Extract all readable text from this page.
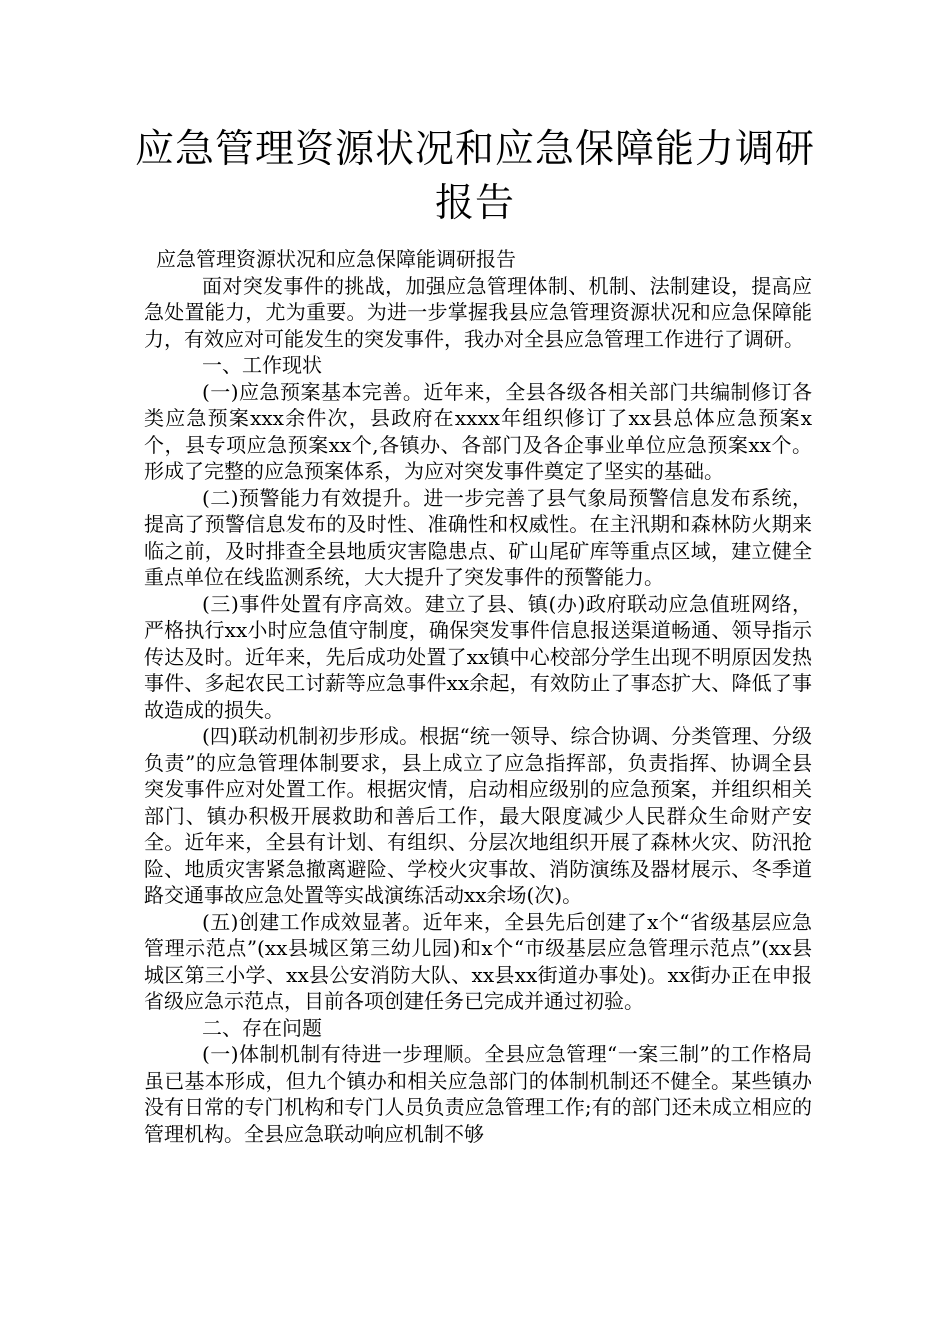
应急管理资源状况和应急保障能力调研报告

应急管理资源状况和应急保障能调研报告

面对突发事件的挑战，加强应急管理体制、机制、法制建设，提高应急处置能力，尤为重要。为进一步掌握我县应急管理资源状况和应急保障能力，有效应对可能发生的突发事件，我办对全县应急管理工作进行了调研。

一、工作现状

(一)应急预案基本完善。近年来，全县各级各相关部门共编制修订各类应急预案xxx余件次，县政府在xxxx年组织修订了xx县总体应急预案x个，县专项应急预案xx个,各镇办、各部门及各企事业单位应急预案xx个。形成了完整的应急预案体系，为应对突发事件奠定了坚实的基础。

(二)预警能力有效提升。进一步完善了县气象局预警信息发布系统，提高了预警信息发布的及时性、准确性和权威性。在主汛期和森林防火期来临之前，及时排查全县地质灾害隐患点、矿山尾矿库等重点区域，建立健全重点单位在线监测系统，大大提升了突发事件的预警能力。

(三)事件处置有序高效。建立了县、镇(办)政府联动应急值班网络，严格执行xx小时应急值守制度，确保突发事件信息报送渠道畅通、领导指示传达及时。近年来，先后成功处置了xx镇中心校部分学生出现不明原因发热事件、多起农民工讨薪等应急事件xx余起，有效防止了事态扩大、降低了事故造成的损失。

(四)联动机制初步形成。根据“统一领导、综合协调、分类管理、分级负责”的应急管理体制要求，县上成立了应急指挥部，负责指挥、协调全县突发事件应对处置工作。根据灾情，启动相应级别的应急预案，并组织相关部门、镇办积极开展救助和善后工作，最大限度减少人民群众生命财产安全。近年来，全县有计划、有组织、分层次地组织开展了森林火灾、防汛抢险、地质灾害紧急撤离避险、学校火灾事故、消防演练及器材展示、冬季道路交通事故应急处置等实战演练活动xx余场(次)。

(五)创建工作成效显著。近年来，全县先后创建了x个“省级基层应急管理示范点”(xx县城区第三幼儿园)和x个“市级基层应急管理示范点”(xx县城区第三小学、xx县公安消防大队、xx县xx街道办事处)。xx街办正在申报省级应急示范点，目前各项创建任务已完成并通过初验。

二、存在问题

(一)体制机制有待进一步理顺。全县应急管理“一案三制”的工作格局虽已基本形成，但九个镇办和相关应急部门的体制机制还不健全。某些镇办没有日常的专门机构和专门人员负责应急管理工作;有的部门还未成立相应的管理机构。全县应急联动响应机制不够
